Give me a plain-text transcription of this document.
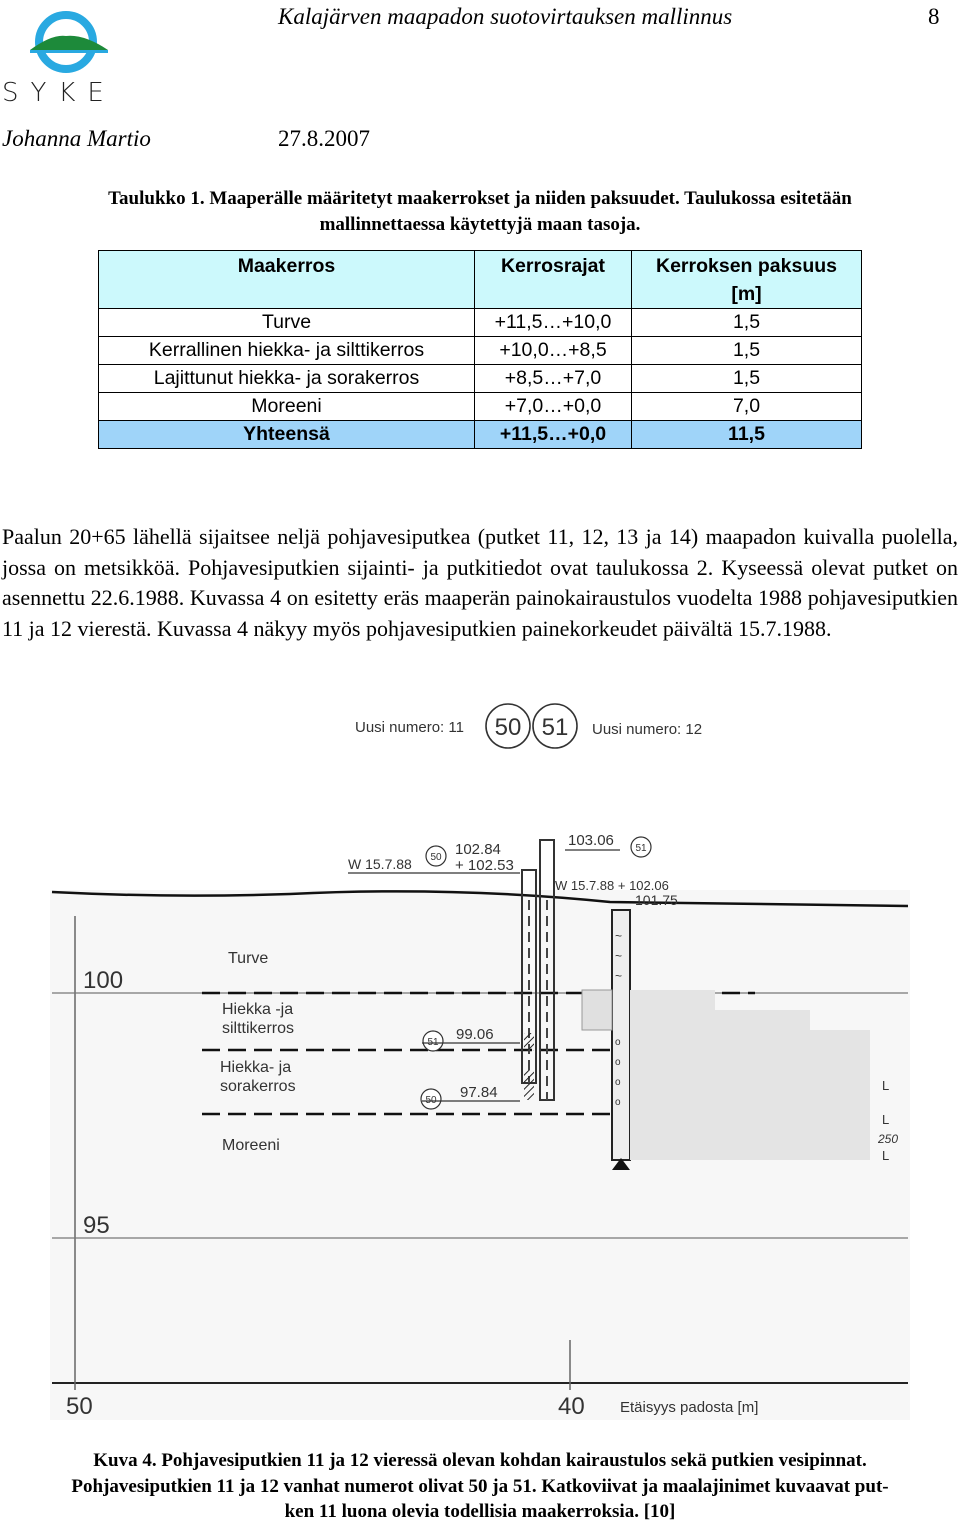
SYKE
Kalajärven maapadon suotovirtauksen mallinnus	8
Johanna Martio	27.8.2007
Taulukko 1. Maaperälle määritetyt maakerrokset ja niiden paksuudet. Taulukossa esitetään
mallinnettaessa käytettyjä maan tasoja.
Maakerros	Kerrosrajat	Kerroksen paksuus
[m]
Turve	+11,5…+10,0	1,5
Kerrallinen hiekka- ja silttikerros	+10,0…+8,5	1,5
Lajittunut hiekka- ja sorakerros	+8,5…+7,0	1,5
Moreeni	+7,0…+0,0	7,0
Yhteensä	+11,5…+0,0	11,5
Paalun 20+65 lähellä sijaitsee neljä pohjavesiputkea (putket 11, 12, 13 ja 14) maapadon kuivalla puolella, jossa on metsikköä. Pohjavesiputkien sijainti- ja putkitiedot ovat taulukossa 2. Kyseessä olevat putket on asennettu 22.6.1988. Kuvassa 4 on esitetty eräs maaperän painokairaustulos vuodelta 1988 pohjavesiputkien 11 ja 12 vierestä. Kuvassa 4 näkyy myös pohjavesiputkien painekorkeudet päivältä 15.7.1988.
~
~
~
o
o
o
o
50 51
Uusi numero: 11	Uusi numero: 12
W 15.7.88 50 102.84
+ 102.53
103.06 51
W 15.7.88 + 102.06
101.75
Turve
Hiekka -ja
silttikerros
Hiekka- ja
sorakerros
Moreeni
51 99.06
50 97.84	L
L
250
L
100
95
50	40 Etäisyys padosta [m]
Kuva 4. Pohjavesiputkien 11 ja 12 vieressä olevan kohdan kairaustulos sekä putkien vesipinnat.
Pohjavesiputkien 11 ja 12 vanhat numerot olivat 50 ja 51. Katkoviivat ja maalajinimet kuvaavat put-
ken 11 luona olevia todellisia maakerroksia. [10]
